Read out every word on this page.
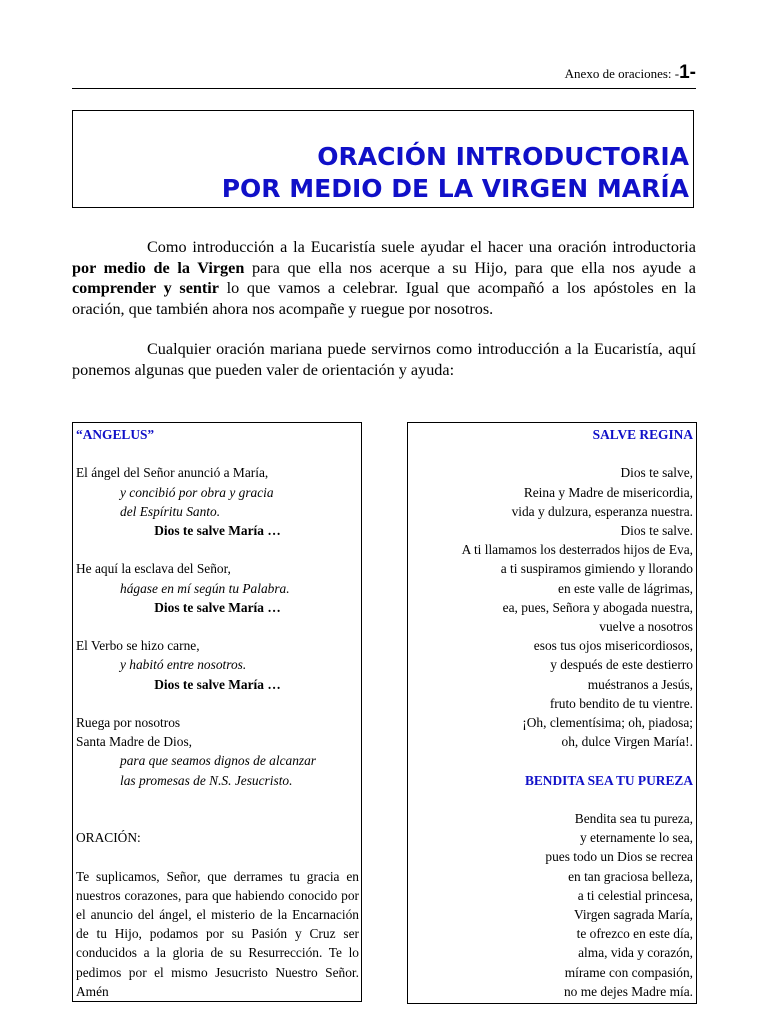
Anexo de oraciones: -1-
ORACIÓN INTRODUCTORIA
POR MEDIO DE LA VIRGEN MARÍA

Como introducción a la Eucaristía suele ayudar el hacer una oración introductoria por medio de la Virgen para que ella nos acerque a su Hijo, para que ella nos ayude a comprender y sentir lo que vamos a celebrar. Igual que acompañó a los apóstoles en la oración, que también ahora nos acompañe y ruegue por nosotros.

Cualquier oración mariana puede servirnos como introducción a la Eucaristía, aquí ponemos algunas que pueden valer de orientación y ayuda:

“ANGELUS”
El ángel del Señor anunció a María,
y concibió por obra y gracia
del Espíritu Santo.
Dios te salve María …
He aquí la esclava del Señor,
hágase en mí según tu Palabra.
Dios te salve María …
El Verbo se hizo carne,
y habitó entre nosotros.
Dios te salve María …
Ruega por nosotros
Santa Madre de Dios,
para que seamos dignos de alcanzar
las promesas de N.S. Jesucristo.
ORACIÓN:
Te suplicamos, Señor, que derrames tu gracia en nuestros corazones, para que habiendo conocido por el anuncio del ángel, el misterio de la Encarnación de tu Hijo, podamos por su Pasión y Cruz ser conducidos a la gloria de su Resurrección. Te lo pedimos por el mismo Jesucristo Nuestro Señor. Amén
SALVE REGINA
Dios te salve,
Reina y Madre de misericordia,
vida y dulzura, esperanza nuestra.
Dios te salve.
A ti llamamos los desterrados hijos de Eva,
a ti suspiramos gimiendo y llorando
en este valle de lágrimas,
ea, pues, Señora y abogada nuestra,
vuelve a nosotros
esos tus ojos misericordiosos,
y después de este destierro
muéstranos a Jesús,
fruto bendito de tu vientre.
¡Oh, clementísima; oh, piadosa;
oh, dulce Virgen María!.
BENDITA SEA TU PUREZA
Bendita sea tu pureza,
y eternamente lo sea,
pues todo un Dios se recrea
en tan graciosa belleza,
a ti celestial princesa,
Virgen sagrada María,
te ofrezco en este día,
alma, vida y corazón,
mírame con compasión,
no me dejes Madre mía.
